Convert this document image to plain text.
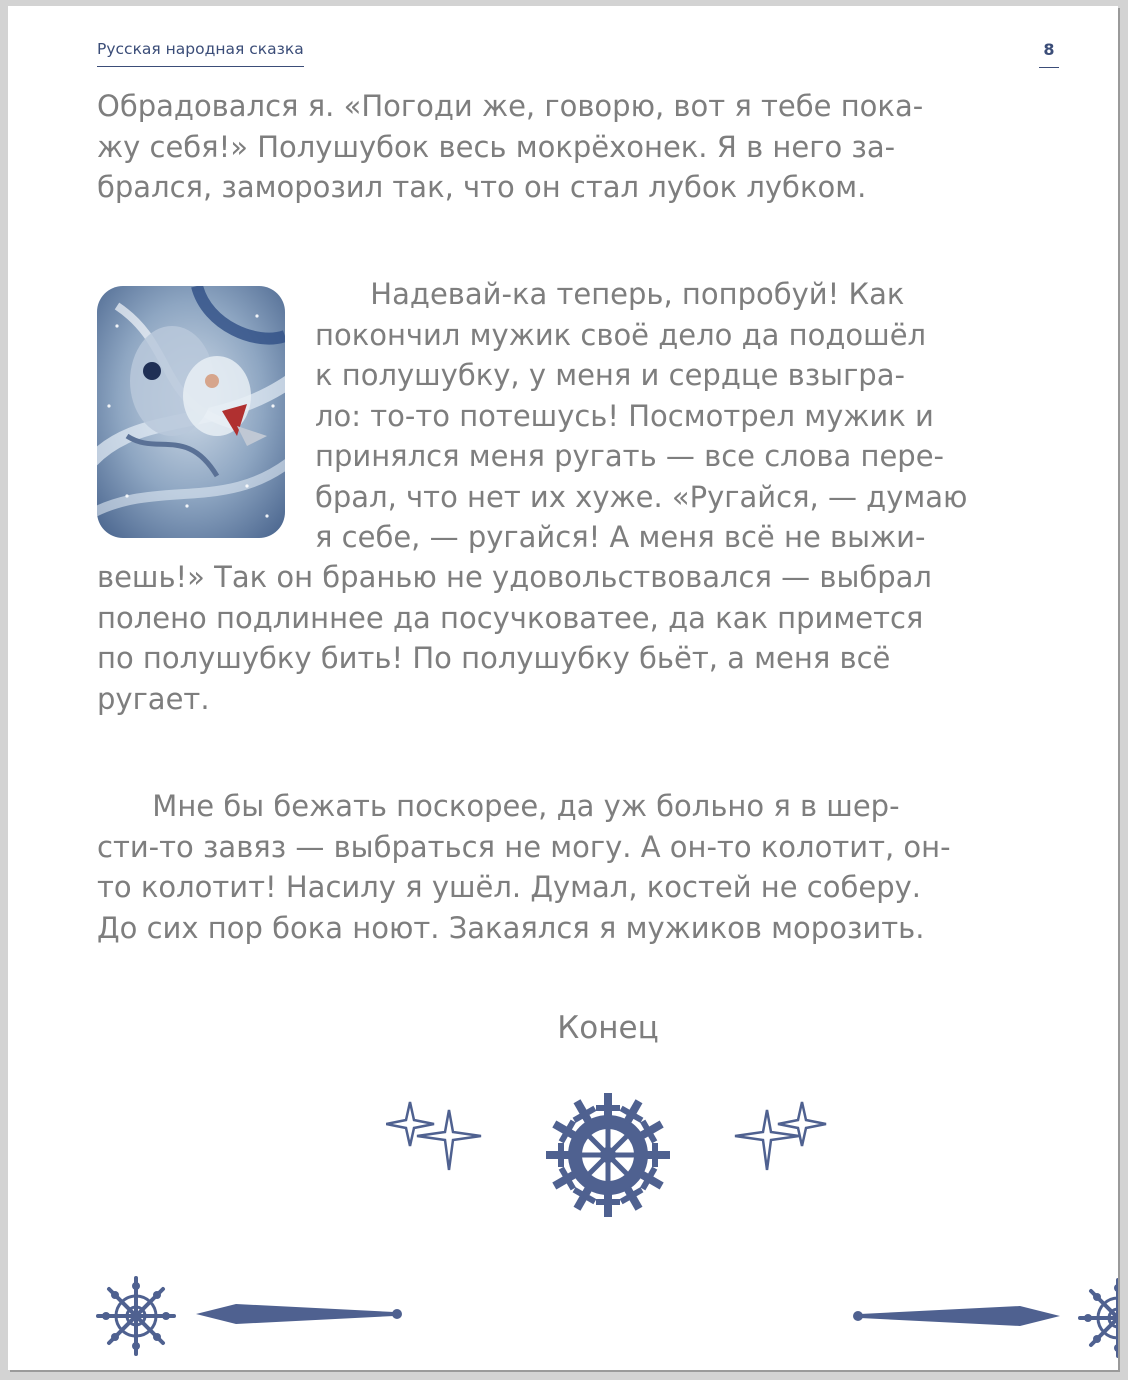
Русская народная сказка	8
Обрадовался я. «Погоди же, говорю, вот я тебе пока-
жу себя!» Полушубок весь мокрёхонек. Я в него за-
брался, заморозил так, что он стал лубок лубком.
Надевай-ка теперь, попробуй! Как
покончил мужик своё дело да подошёл
к полушубку, у меня и сердце взыгра-
ло: то-то потешусь! Посмотрел мужик и
принялся меня ругать — все слова пере-
брал, что нет их хуже. «Ругайся, — думаю
я себе, — ругайся! А меня всё не выжи-
вешь!» Так он бранью не удовольствовался — выбрал
полено подлиннее да посучковатее, да как примется
по полушубку бить! По полушубку бьёт, а меня всё
ругает.
Мне бы бежать поскорее, да уж больно я в шер-
сти-то завяз — выбраться не могу. А он-то колотит, он-
то колотит! Насилу я ушёл. Думал, костей не соберу.
До сих пор бока ноют. Закаялся я мужиков морозить.
Конец
